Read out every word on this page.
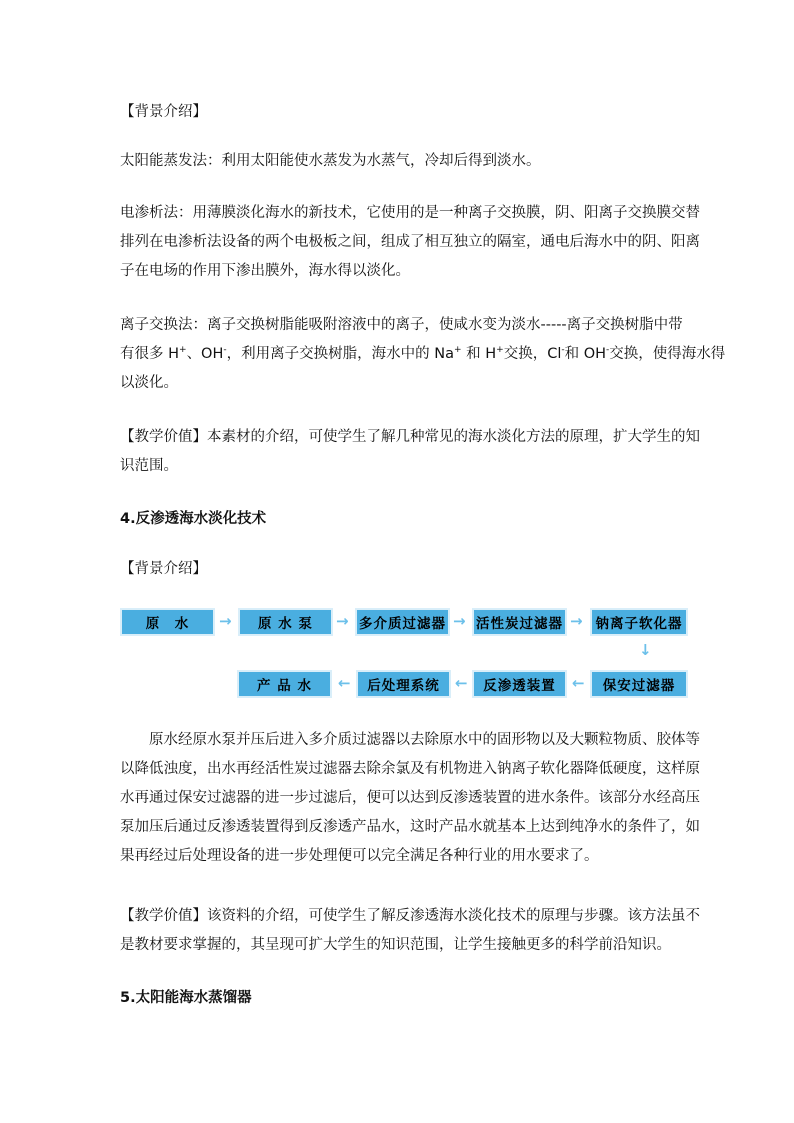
【背景介绍】

太阳能蒸发法：利用太阳能使水蒸发为水蒸气，冷却后得到淡水。

电渗析法：用薄膜淡化海水的新技术，它使用的是一种离子交换膜，阴、阳离子交换膜交替
排列在电渗析法设备的两个电极板之间，组成了相互独立的隔室，通电后海水中的阴、阳离
子在电场的作用下渗出膜外，海水得以淡化。

离子交换法：离子交换树脂能吸附溶液中的离子，使咸水变为淡水-----离子交换树脂中带
有很多 H+、OH-，利用离子交换树脂，海水中的 Na+ 和 H+交换，Cl-和 OH-交换，使得海水得
以淡化。

【教学价值】本素材的介绍，可使学生了解几种常见的海水淡化方法的原理，扩大学生的知
识范围。

4.反渗透海水淡化技术

【背景介绍】

原　水	→	原 水 泵	→ 多介质过滤器 → 活性炭过滤器 → 钠离子软化器
↓
保安过滤器
←
反渗透装置
←
后处理系统
←
产 品 水

原水经原水泵并压后进入多介质过滤器以去除原水中的固形物以及大颗粒物质、胶体等
以降低浊度，出水再经活性炭过滤器去除余氯及有机物进入钠离子软化器降低硬度，这样原
水再通过保安过滤器的进一步过滤后，便可以达到反渗透装置的进水条件。该部分水经高压
泵加压后通过反渗透装置得到反渗透产品水，这时产品水就基本上达到纯净水的条件了，如
果再经过后处理设备的进一步处理便可以完全满足各种行业的用水要求了。

【教学价值】该资料的介绍，可使学生了解反渗透海水淡化技术的原理与步骤。该方法虽不
是教材要求掌握的，其呈现可扩大学生的知识范围，让学生接触更多的科学前沿知识。

5.太阳能海水蒸馏器
